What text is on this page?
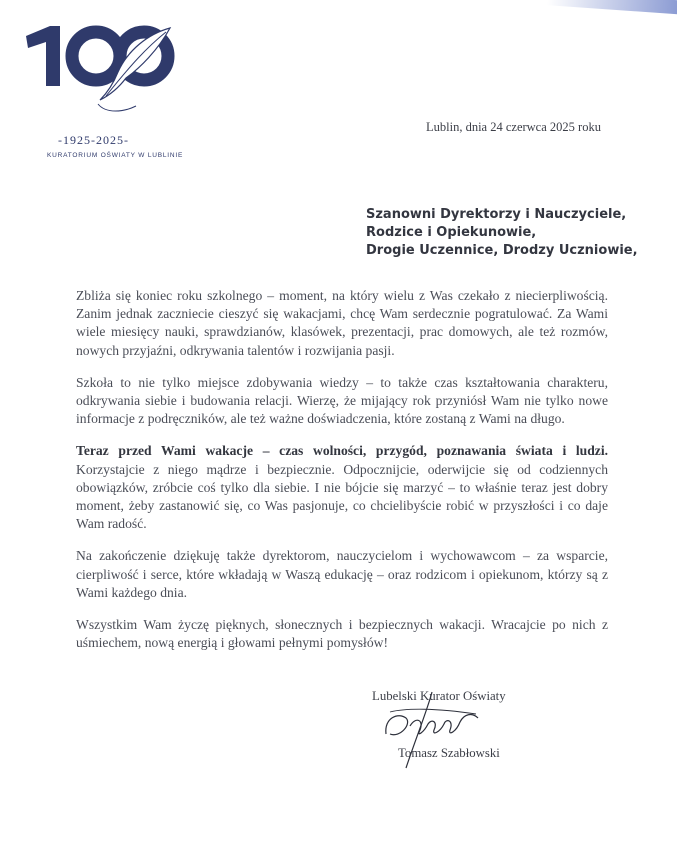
-1925-2025-
KURATORIUM OŚWIATY W LUBLINIE
Lublin, dnia 24 czerwca 2025 roku
Szanowni Dyrektorzy i Nauczyciele,
Rodzice i Opiekunowie,
Drogie Uczennice, Drodzy Uczniowie,

Zbliża się koniec roku szkolnego – moment, na który wielu z Was czekało z niecierpliwością. Zanim jednak zaczniecie cieszyć się wakacjami, chcę Wam serdecznie pogratulować. Za Wami wiele miesięcy nauki, sprawdzianów, klasówek, prezentacji, prac domowych, ale też rozmów, nowych przyjaźni, odkrywania talentów i rozwijania pasji.

Szkoła to nie tylko miejsce zdobywania wiedzy – to także czas kształtowania charakteru, odkrywania siebie i budowania relacji. Wierzę, że mijający rok przyniósł Wam nie tylko nowe informacje z podręczników, ale też ważne doświadczenia, które zostaną z Wami na długo.

Teraz przed Wami wakacje – czas wolności, przygód, poznawania świata i ludzi. Korzystajcie z niego mądrze i bezpiecznie. Odpocznijcie, oderwijcie się od codziennych obowiązków, zróbcie coś tylko dla siebie. I nie bójcie się marzyć – to właśnie teraz jest dobry moment, żeby zastanowić się, co Was pasjonuje, co chcielibyście robić w przyszłości i co daje Wam radość.

Na zakończenie dziękuję także dyrektorom, nauczycielom i wychowawcom – za wsparcie, cierpliwość i serce, które wkładają w Waszą edukację – oraz rodzicom i opiekunom, którzy są z Wami każdego dnia.

Wszystkim Wam życzę pięknych, słonecznych i bezpiecznych wakacji. Wracajcie po nich z uśmiechem, nową energią i głowami pełnymi pomysłów!

Lubelski Kurator Oświaty
Tomasz Szabłowski
